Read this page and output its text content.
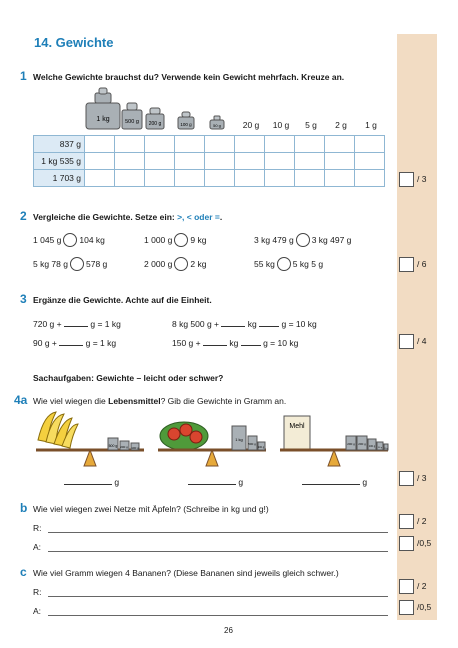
14. Gewichte
1 Welche Gewichte brauchst du? Verwende kein Gewicht mehrfach. Kreuze an.
1 kg	500 g 200 g	100 g	50 g	20 g	10 g	5 g	2 g	1 g
837 g										
1 kg 535 g										
1 703 g											/ 3
2 Vergleiche die Gewichte. Setze ein: >, < oder =.
1 045 g 104 kg	1 000 g 9 kg	3 kg 479 g 3 kg 497 g
5 kg 78 g 578 g	2 000 g 2 kg	55 kg 5 kg 5 g	/ 6
3 Ergänze die Gewichte. Achte auf die Einheit.
720 g +	g = 1 kg	8 kg 500 g +	kg	g = 10 kg
90 g +	g = 1 kg	150 g +	kg	g = 10 kg	/ 4
Sachaufgaben: Gewichte – leicht oder schwer?
4a Wie viel wiegen die Lebensmittel? Gib die Gewichte in Gramm an.
500 g 200 g 100 g
1 kg
500 g
100 g
Mehl
200 g 200 g
100 g	50 g 20 g
g	g	g	/ 3
b Wie viel wiegen zwei Netze mit Äpfeln? (Schreibe in kg und g!)
R:
A:
/ 2
/0,5
c Wie viel Gramm wiegen 4 Bananen? (Diese Bananen sind jeweils gleich schwer.)
R:
A:
/ 2
/0,5
26
